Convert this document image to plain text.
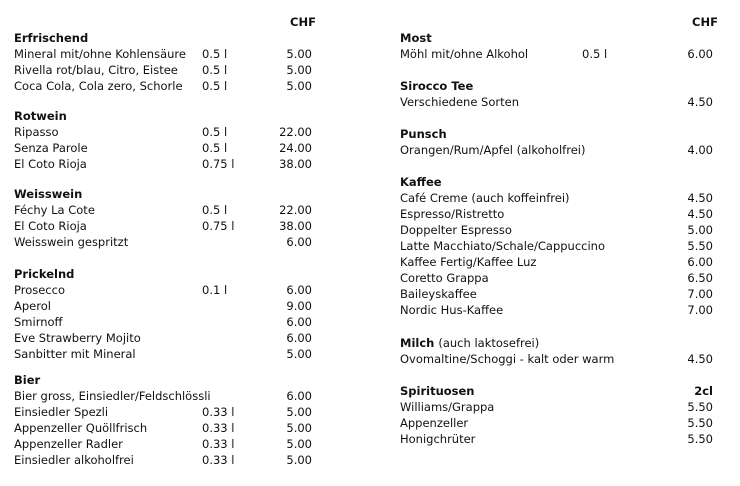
CHF
Erfrischend
Mineral mit/ohne Kohlensäure 0.5 l	5.00
Rivella rot/blau, Citro, Eistee 0.5 l	5.00
Coca Cola, Cola zero, Schorle 0.5 l	5.00
Rotwein
Ripasso	0.5 l	22.00
Senza Parole	0.5 l	24.00
El Coto Rioja	0.75 l	38.00
Weisswein
Féchy La Cote	0.5 l	22.00
El Coto Rioja	0.75 l	38.00
Weisswein gespritzt	6.00
Prickelnd
Prosecco	0.1 l	6.00
Aperol	9.00
Smirnoff	6.00
Eve Strawberry Mojito	6.00
Sanbitter mit Mineral	5.00
Bier
Bier gross, Einsiedler/Feldschlössli	6.00
Einsiedler Spezli	0.33 l	5.00
Appenzeller Quöllfrisch	0.33 l	5.00
Appenzeller Radler	0.33 l	5.00
Einsiedler alkoholfrei	0.33 l	5.00
CHF
Most
Möhl mit/ohne Alkohol	0.5 l	6.00
Sirocco Tee
Verschiedene Sorten	4.50
Punsch
Orangen/Rum/Apfel (alkoholfrei)	4.00
Kaffee
Café Creme (auch koffeinfrei)	4.50
Espresso/Ristretto	4.50
Doppelter Espresso	5.00
Latte Macchiato/Schale/Cappuccino	5.50
Kaffee Fertig/Kaffee Luz	6.00
Coretto Grappa	6.50
Baileyskaffee	7.00
Nordic Hus-Kaffee	7.00
Milch (auch laktosefrei)
Ovomaltine/Schoggi - kalt oder warm	4.50
Spirituosen	2cl
Williams/Grappa	5.50
Appenzeller	5.50
Honigchrüter	5.50
